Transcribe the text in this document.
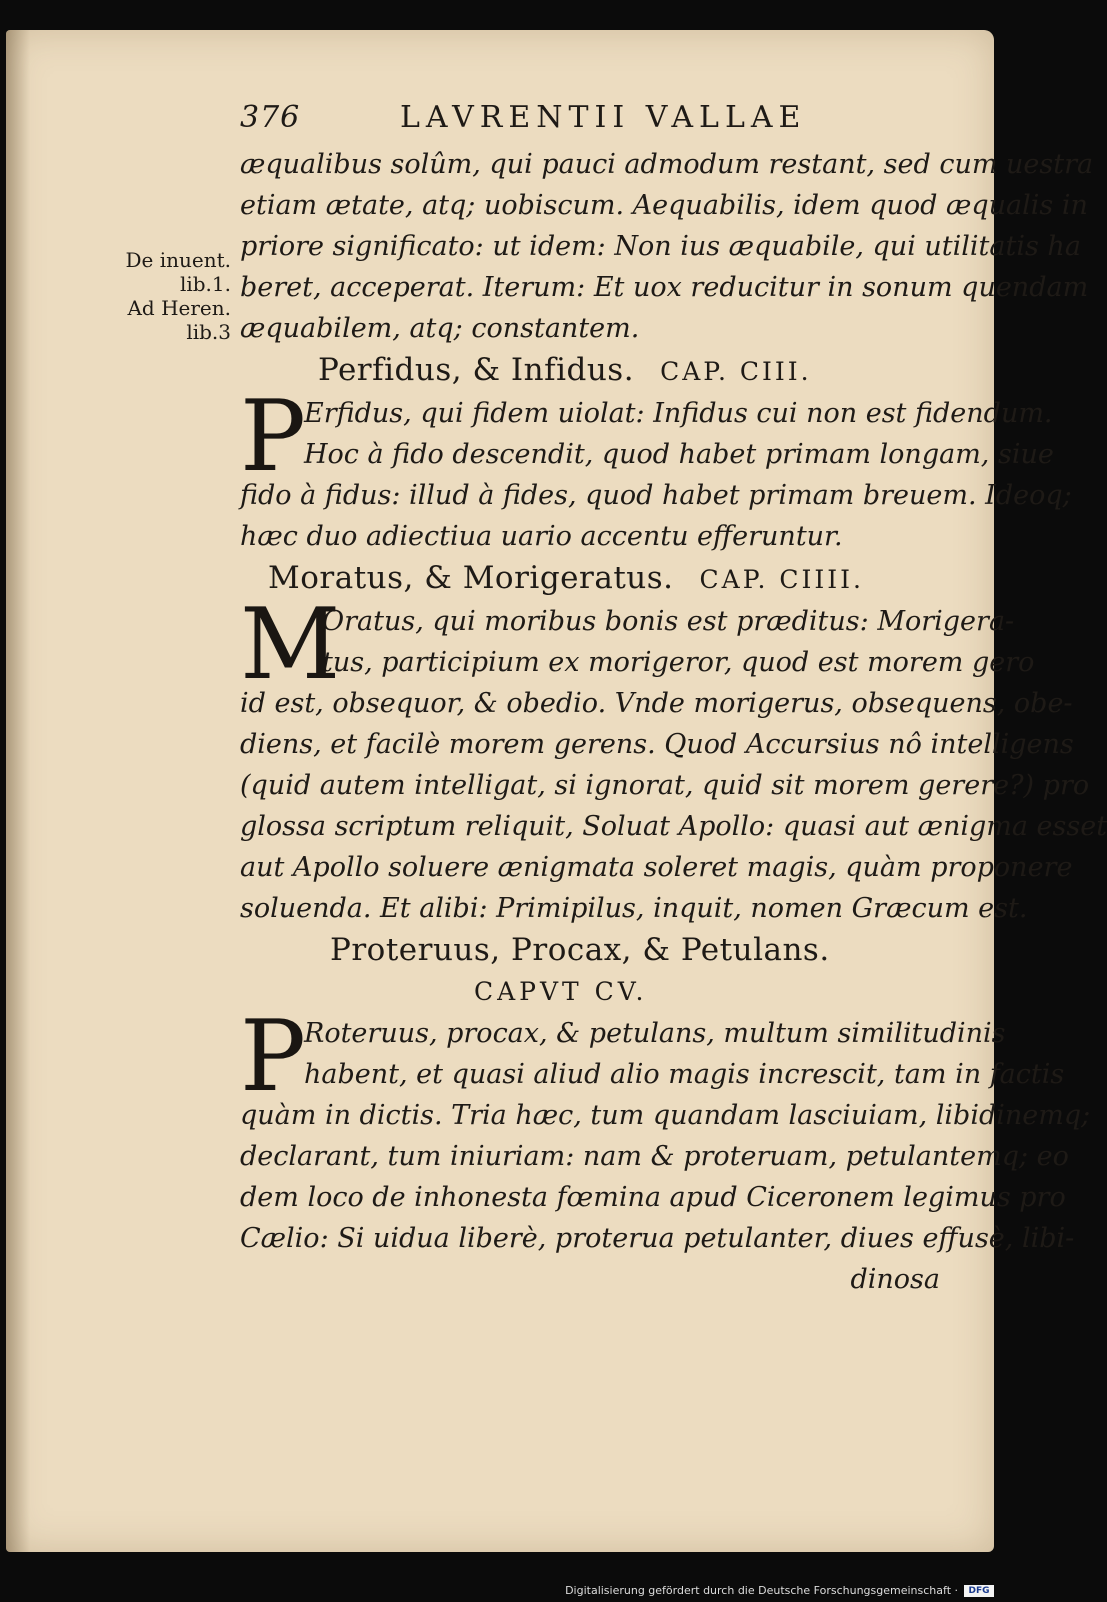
De inuent.
lib.1.
Ad Heren.
lib.3
376	LAVRENTII VALLAE
æqualibus solûm, qui pauci admodum restant, sed cum uestra
etiam ætate, atq; uobiscum. Aequabilis, idem quod æqualis in
priore significato: ut idem: Non ius æquabile, qui utilitatis ha
beret, acceperat. Iterum: Et uox reducitur in sonum quendam
æquabilem, atq; constantem.
Perfidus, & Infidus. CAP. CIII.
P
Erfidus, qui fidem uiolat: Infidus cui non est fidendum.
Hoc à fido descendit, quod habet primam longam, siue
fido à fidus: illud à fides, quod habet primam breuem. Ideoq;
hæc duo adiectiua uario accentu efferuntur.
Moratus, & Morigeratus. CAP. CIIII.
M
Oratus, qui moribus bonis est præditus: Morigera-
tus, participium ex morigeror, quod est morem gero
id est, obsequor, & obedio. Vnde morigerus, obsequens, obe-
diens, et facilè morem gerens. Quod Accursius nô intelligens
(quid autem intelligat, si ignorat, quid sit morem gerere?) pro
glossa scriptum reliquit, Soluat Apollo: quasi aut ænigma esset
aut Apollo soluere ænigmata soleret magis, quàm proponere
soluenda. Et alibi: Primipilus, inquit, nomen Græcum est.
Proteruus, Procax, & Petulans.
CAPVT CV.
P
Roteruus, procax, & petulans, multum similitudinis
habent, et quasi aliud alio magis increscit, tam in factis
quàm in dictis. Tria hæc, tum quandam lasciuiam, libidinemq;
declarant, tum iniuriam: nam & proteruam, petulantemq; eo
dem loco de inhonesta fœmina apud Ciceronem legimus pro
Cælio: Si uidua liberè, proterua petulanter, diues effusè, libi-
dinosa
Digitalisierung gefördert durch die Deutsche Forschungsgemeinschaft ·	DFG
